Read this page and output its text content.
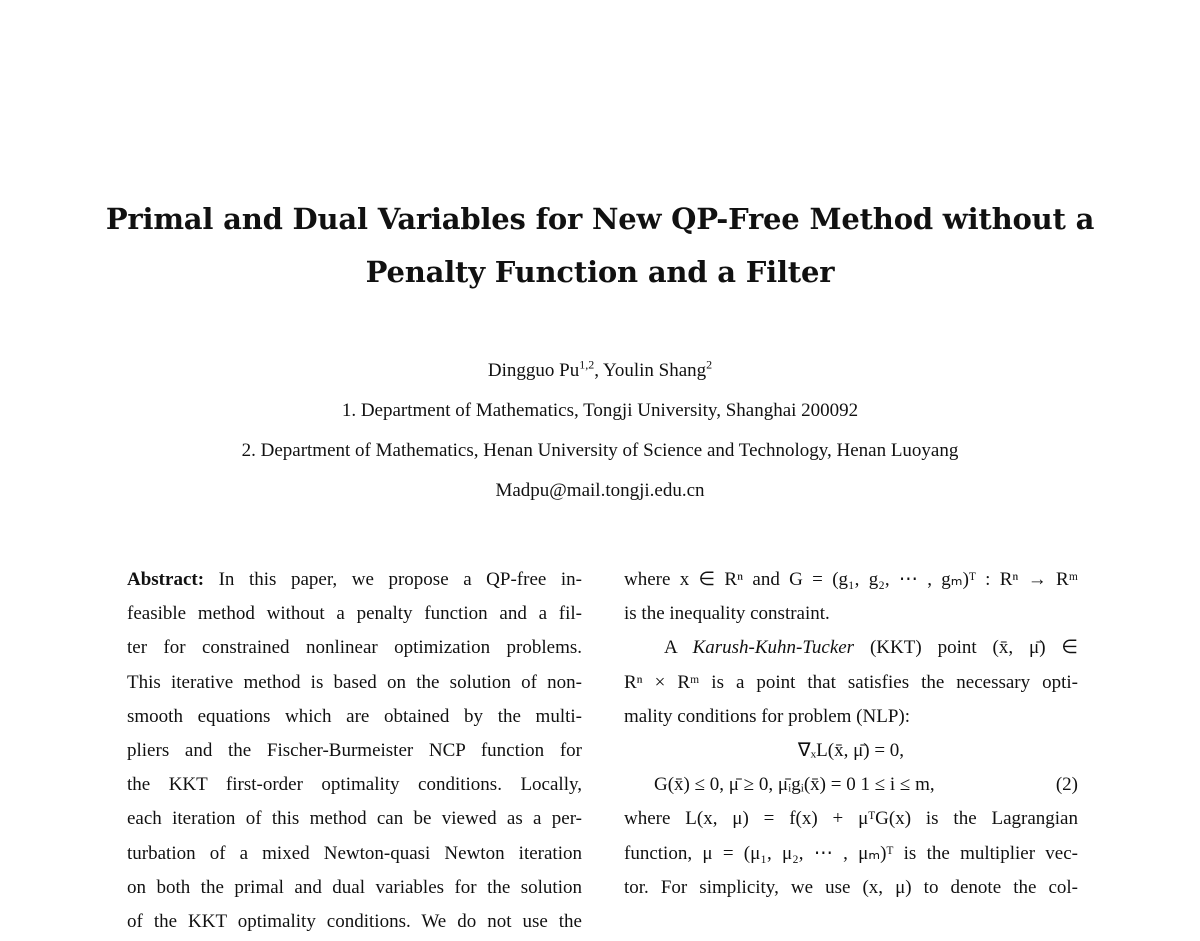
Primal and Dual Variables for New QP-Free Method without a
Penalty Function and a Filter
Dingguo Pu$^{1,2}$, Youlin Shang$^2$
1. Department of Mathematics, Tongji University, Shanghai 200092
2. Department of Mathematics, Henan University of Science and Technology, Henan Luoyang
Madpu@mail.tongji.edu.cn
Abstract: In this paper, we propose a QP-free in-
feasible method without a penalty function and a fil-
ter for constrained nonlinear optimization problems.
This iterative method is based on the solution of non-
smooth equations which are obtained by the multi-
pliers and the Fischer-Burmeister NCP function for
the KKT first-order optimality conditions. Locally,
each iteration of this method can be viewed as a per-
turbation of a mixed Newton-quasi Newton iteration
on both the primal and dual variables for the solution
of the KKT optimality conditions. We do not use the
where x ∈ Rⁿ and G = (g₁, g₂, ⋯ , gₘ)ᵀ : Rⁿ → Rᵐ
is the inequality constraint.
A Karush-Kuhn-Tucker (KKT) point (x̄, μ̄) ∈
Rⁿ × Rᵐ is a point that satisfies the necessary opti-
mality conditions for problem (NLP):
∇ₓL(x̄, μ̄) = 0,
G(x̄) ≤ 0, μ̄ ≥ 0, μ̄ᵢgᵢ(x̄) = 0 1 ≤ i ≤ m,	(2)
where L(x, μ) = f(x) + μᵀG(x) is the Lagrangian
function, μ = (μ₁, μ₂, ⋯ , μₘ)ᵀ is the multiplier vec-
tor. For simplicity, we use (x, μ) to denote the col-
